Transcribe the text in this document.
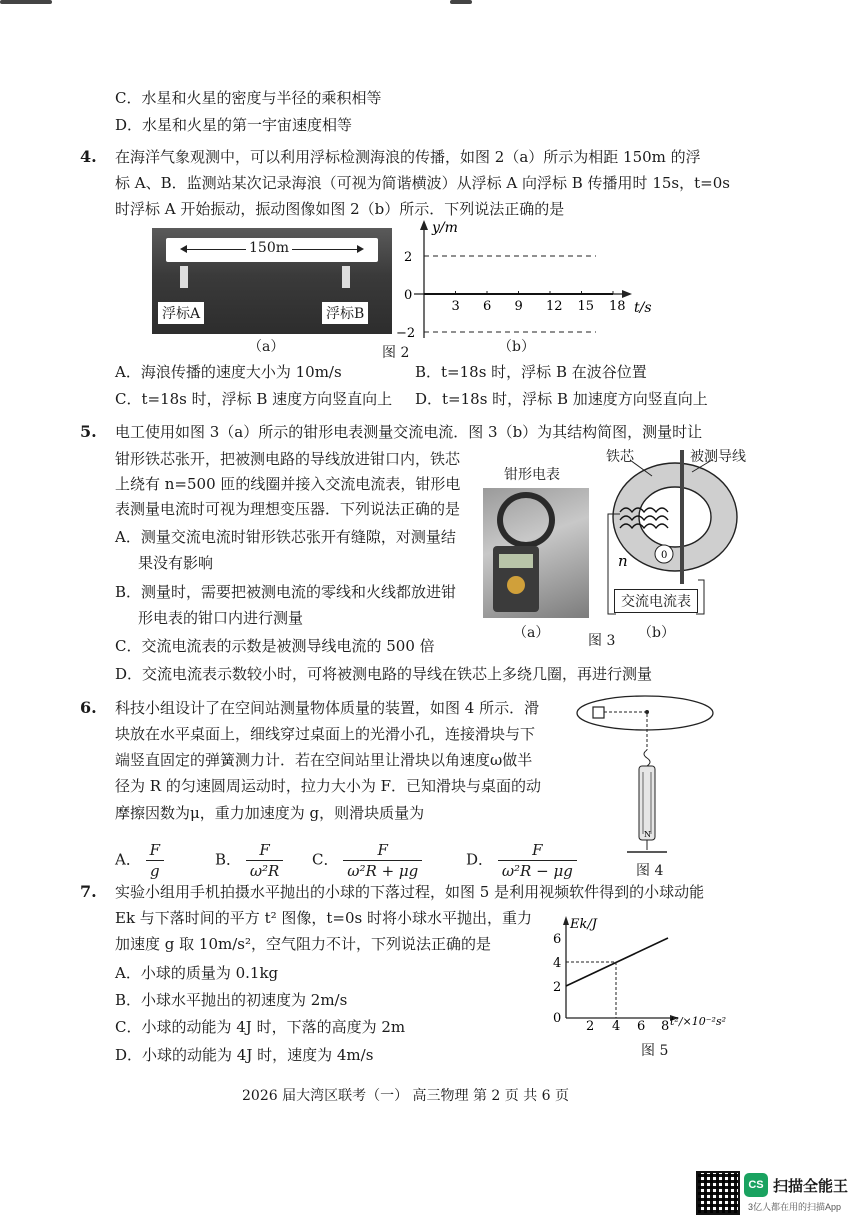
C．水星和火星的密度与半径的乘积相等
D．水星和火星的第一宇宙速度相等
4. 在海洋气象观测中，可以利用浮标检测海浪的传播，如图 2（a）所示为相距 150m 的浮
标 A、B．监测站某次记录海浪（可视为简谐横波）从浮标 A 向浮标 B 传播用时 15s，t=0s
时浮标 A 开始振动，振动图像如图 2（b）所示．下列说法正确的是
150m
浮标A	浮标B
（a）
3 6 9 12 15 18
2
0
−2
y/m
t/s
（b）
图 2
A．海浪传播的速度大小为 10m/s	B．t=18s 时，浮标 B 在波谷位置
C．t=18s 时，浮标 B 速度方向竖直向上 D．t=18s 时，浮标 B 加速度方向竖直向上
5. 电工使用如图 3（a）所示的钳形电表测量交流电流．图 3（b）为其结构简图，测量时让
钳形铁芯张开，把被测电路的导线放进钳口内，铁芯
上绕有 n=500 匝的线圈并接入交流电流表，钳形电
表测量电流时可视为理想变压器．下列说法正确的是
A．测量交流电流时钳形铁芯张开有缝隙，对测量结
果没有影响
B．测量时，需要把被测电流的零线和火线都放进钳
形电表的钳口内进行测量
C．交流电流表的示数是被测导线电流的 500 倍
D．交流电流表示数较小时，可将被测电路的导线在铁芯上多绕几圈，再进行测量
钳形电表
（a）
0
n
铁芯	被测导线
交流电流表
图 3 （b）
6. 科技小组设计了在空间站测量物体质量的装置，如图 4 所示．滑
块放在水平桌面上，细线穿过桌面上的光滑小孔，连接滑块与下
端竖直固定的弹簧测力计．若在空间站里让滑块以角速度ω做半
径为 R 的匀速圆周运动时，拉力大小为 F．已知滑块与桌面的动
摩擦因数为μ，重力加速度为 g，则滑块质量为
A． $\frac{F}{g}$	B． $\frac{F}{\text{ω²R}}$ C． $\frac{F}{\text{ω²R + μg}}$	D． $\frac{F}{\text{ω²R − μg}}$
N
图 4
7. 实验小组用手机拍摄水平抛出的小球的下落过程，如图 5 是利用视频软件得到的小球动能
Ek 与下落时间的平方 t² 图像，t=0s 时将小球水平抛出，重力
加速度 g 取 10m/s²，空气阻力不计，下列说法正确的是
A．小球的质量为 0.1kg
B．小球水平抛出的初速度为 2m/s
C．小球的动能为 4J 时，下落的高度为 2m
D．小球的动能为 4J 时，速度为 4m/s
Ek/J
6
4
2
0
2 4 6 8 t²/×10⁻²s²
图 5
2026 届大湾区联考（一） 高三物理 第 2 页 共 6 页
CS 扫描全能王
3亿人都在用的扫描App
